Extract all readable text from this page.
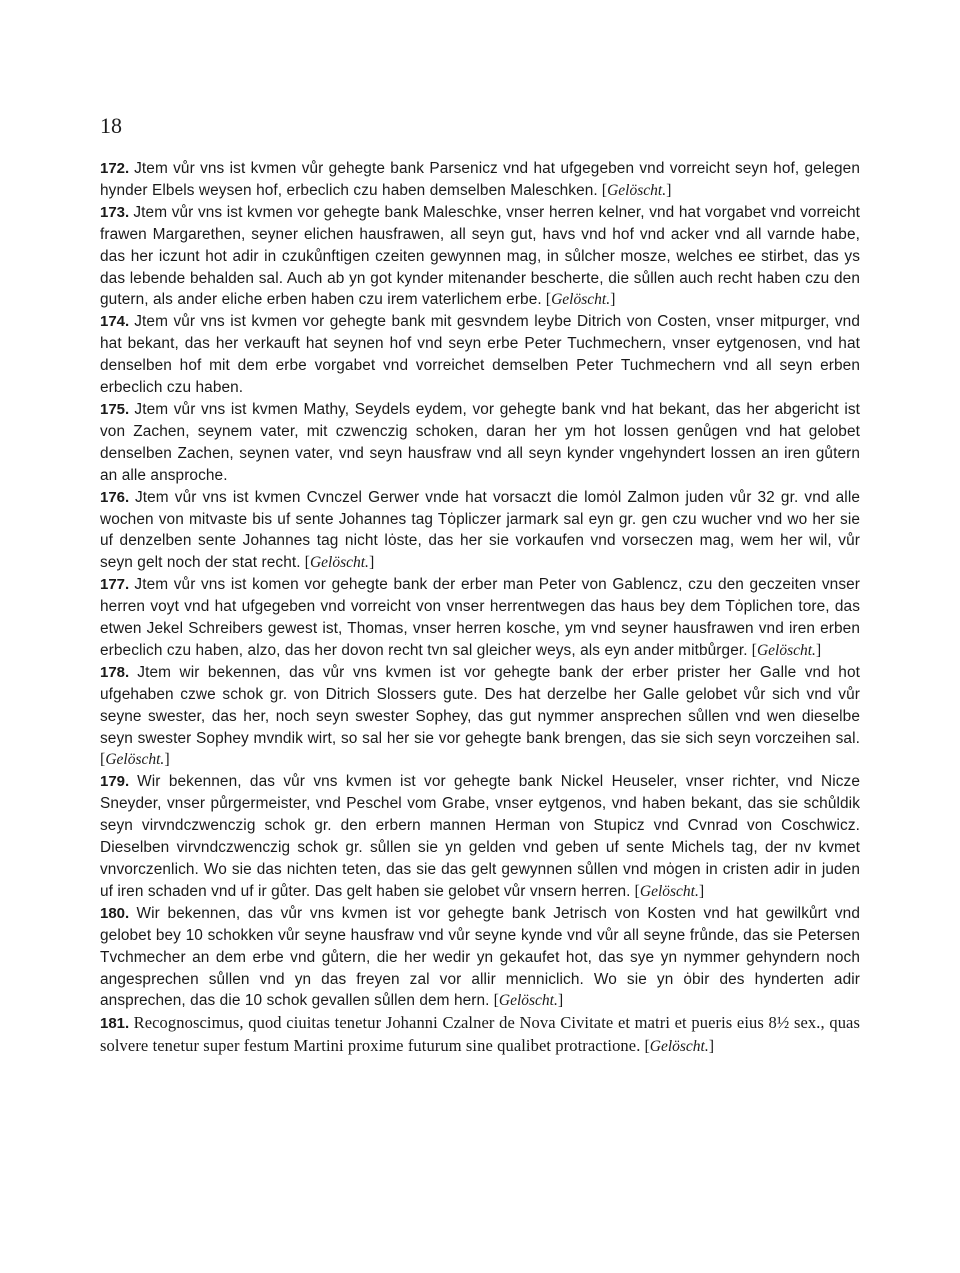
18

172. Jtem vůr vns ist kvmen vůr gehegte bank Parsenicz vnd hat ufgegeben vnd vorreicht seyn hof, gelegen hynder Elbels weysen hof, erbeclich czu haben demselben Maleschken. [Gelöscht.]

173. Jtem vůr vns ist kvmen vor gehegte bank Maleschke, vnser herren kelner, vnd hat vorgabet vnd vorreicht frawen Margarethen, seyner elichen hausfrawen, all seyn gut, havs vnd hof vnd acker vnd all varnde habe, das her iczunt hot adir in czukůnftigen czeiten gewynnen mag, in sůlcher mosze, welches ee stirbet, das ys das lebende behalden sal. Auch ab yn got kynder mitenander bescherte, die sůllen auch recht haben czu den gutern, als ander eliche erben haben czu irem vaterlichem erbe. [Gelöscht.]

174. Jtem vůr vns ist kvmen vor gehegte bank mit gesvndem leybe Ditrich von Costen, vnser mitpurger, vnd hat bekant, das her verkauft hat seynen hof vnd seyn erbe Peter Tuchmechern, vnser eytgenosen, vnd hat denselben hof mit dem erbe vorgabet vnd vorreichet demselben Peter Tuchmechern vnd all seyn erben erbeclich czu haben.

175. Jtem vůr vns ist kvmen Mathy, Seydels eydem, vor gehegte bank vnd hat bekant, das her abgericht ist von Zachen, seynem vater, mit czwenczig schoken, daran her ym hot lossen genůgen vnd hat gelobet denselben Zachen, seynen vater, vnd seyn hausfraw vnd all seyn kynder vngehyndert lossen an iren gůtern an alle ansproche.

176. Jtem vůr vns ist kvmen Cvnczel Gerwer vnde hat vorsaczt die lomȯl Zalmon juden vůr 32 gr. vnd alle wochen von mitvaste bis uf sente Johannes tag Tȯpliczer jarmark sal eyn gr. gen czu wucher vnd wo her sie uf denzelben sente Johannes tag nicht lȯste, das her sie vorkaufen vnd vorseczen mag, wem her wil, vůr seyn gelt noch der stat recht. [Gelöscht.]

177. Jtem vůr vns ist komen vor gehegte bank der erber man Peter von Gablencz, czu den geczeiten vnser herren voyt vnd hat ufgegeben vnd vorreicht von vnser herrentwegen das haus bey dem Tȯplichen tore, das etwen Jekel Schreibers gewest ist, Thomas, vnser herren kosche, ym vnd seyner hausfrawen vnd iren erben erbeclich czu haben, alzo, das her dovon recht tvn sal gleicher weys, als eyn ander mitbůrger. [Gelöscht.]

178. Jtem wir bekennen, das vůr vns kvmen ist vor gehegte bank der erber prister her Galle vnd hot ufgehaben czwe schok gr. von Ditrich Slossers gute. Des hat derzelbe her Galle gelobet vůr sich vnd vůr seyne swester, das her, noch seyn swester Sophey, das gut nymmer ansprechen sůllen vnd wen dieselbe seyn swester Sophey mvndik wirt, so sal her sie vor gehegte bank brengen, das sie sich seyn vorczeihen sal. [Gelöscht.]

179. Wir bekennen, das vůr vns kvmen ist vor gehegte bank Nickel Heuseler, vnser richter, vnd Nicze Sneyder, vnser půrgermeister, vnd Peschel vom Grabe, vnser eytgenos, vnd haben bekant, das sie schůldik seyn virvndczwenczig schok gr. den erbern mannen Herman von Stupicz vnd Cvnrad von Coschwicz. Dieselben virvndczwenczig schok gr. sůllen sie yn gelden vnd geben uf sente Michels tag, der nv kvmet vnvorczenlich. Wo sie das nichten teten, das sie das gelt gewynnen sůllen vnd mȯgen in cristen adir in juden uf iren schaden vnd uf ir gůter. Das gelt haben sie gelobet vůr vnsern herren. [Gelöscht.]

180. Wir bekennen, das vůr vns kvmen ist vor gehegte bank Jetrisch von Kosten vnd hat gewilkůrt vnd gelobet bey 10 schokken vůr seyne hausfraw vnd vůr seyne kynde vnd vůr all seyne frůnde, das sie Petersen Tvchmecher an dem erbe vnd gůtern, die her wedir yn gekaufet hot, das sye yn nymmer gehyndern noch angesprechen sůllen vnd yn das freyen zal vor allir menniclich. Wo sie yn ȯbir des hynderten adir ansprechen, das die 10 schok gevallen sůllen dem hern. [Gelöscht.]

181. Recognoscimus, quod ciuitas tenetur Johanni Czalner de Nova Civitate et matri et pueris eius 8½ sex., quas solvere tenetur super festum Martini proxime futurum sine qualibet protractione. [Gelöscht.]
